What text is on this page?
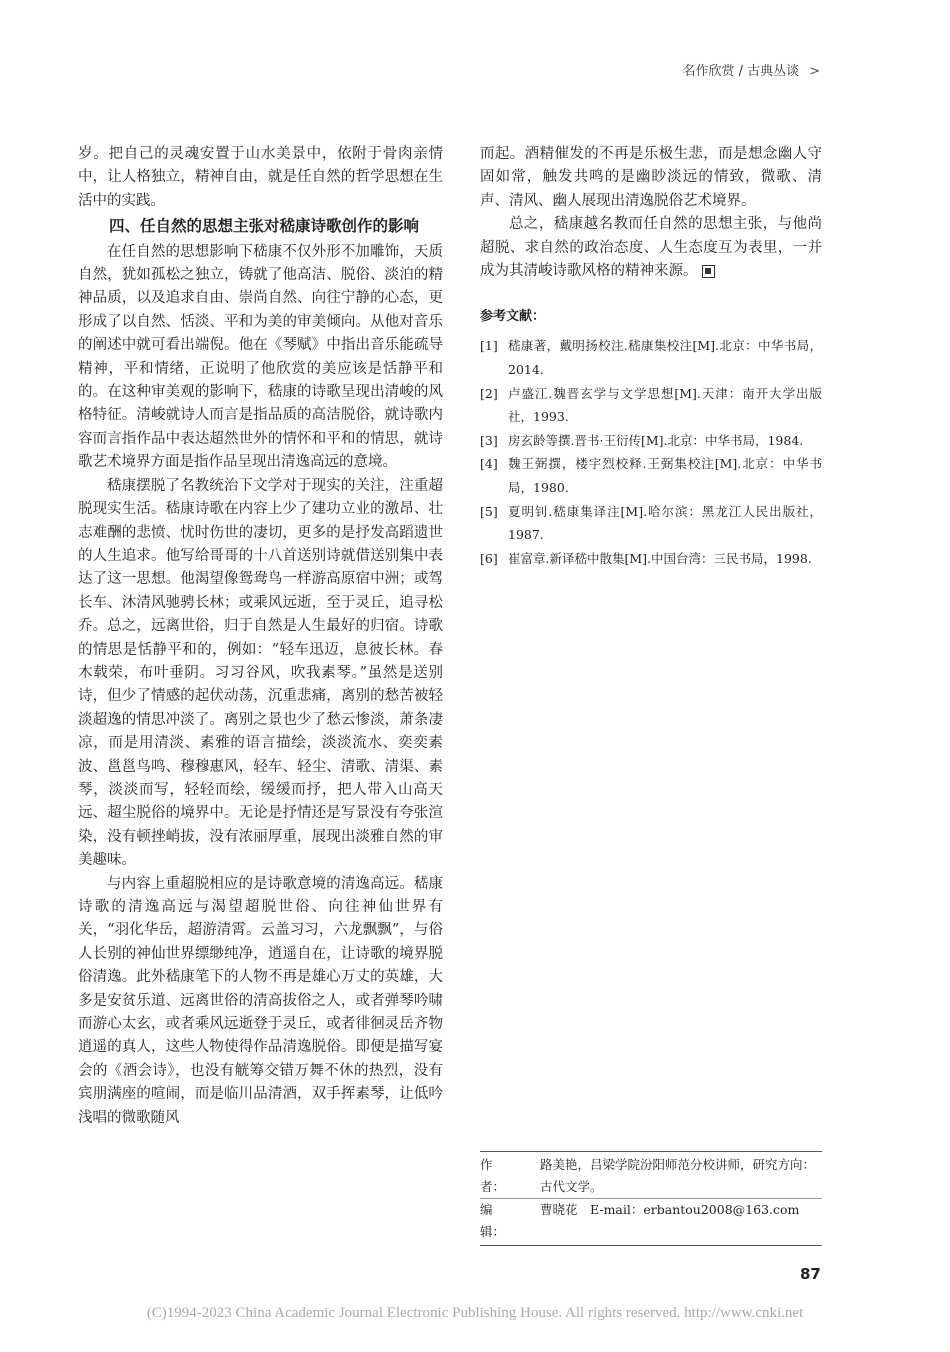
名作欣赏 / 古典丛谈 >

岁。把自己的灵魂安置于山水美景中，依附于骨肉亲情中，让人格独立，精神自由，就是任自然的哲学思想在生活中的实践。

四、任自然的思想主张对嵇康诗歌创作的影响

在任自然的思想影响下嵇康不仅外形不加雕饰，天质自然，犹如孤松之独立，铸就了他高洁、脱俗、淡泊的精神品质，以及追求自由、崇尚自然、向往宁静的心态，更形成了以自然、恬淡、平和为美的审美倾向。从他对音乐的阐述中就可看出端倪。他在《琴赋》中指出音乐能疏导精神，平和情绪，正说明了他欣赏的美应该是恬静平和的。在这种审美观的影响下，嵇康的诗歌呈现出清峻的风格特征。清峻就诗人而言是指品质的高洁脱俗，就诗歌内容而言指作品中表达超然世外的情怀和平和的情思，就诗歌艺术境界方面是指作品呈现出清逸高远的意境。

嵇康摆脱了名教统治下文学对于现实的关注，注重超脱现实生活。嵇康诗歌在内容上少了建功立业的激昂、壮志难酬的悲愤、忧时伤世的凄切，更多的是抒发高蹈遗世的人生追求。他写给哥哥的十八首送别诗就借送别集中表达了这一思想。他渴望像鸳鸯鸟一样游高原宿中洲；或驾长车、沐清风驰骋长林；或乘风远逝，至于灵丘，追寻松乔。总之，远离世俗，归于自然是人生最好的归宿。诗歌的情思是恬静平和的，例如：“轻车迅迈，息彼长林。春木载荣，布叶垂阴。习习谷风，吹我素琴。”虽然是送别诗，但少了情感的起伏动荡，沉重悲痛，离别的愁苦被轻淡超逸的情思冲淡了。离别之景也少了愁云惨淡，萧条凄凉，而是用清淡、素雅的语言描绘，淡淡流水、奕奕素波、邕邕鸟鸣、穆穆惠风，轻车、轻尘、清歌、清渠、素琴，淡淡而写，轻轻而绘，缓缓而抒，把人带入山高天远、超尘脱俗的境界中。无论是抒情还是写景没有夸张渲染，没有顿挫峭拔，没有浓丽厚重，展现出淡雅自然的审美趣味。

与内容上重超脱相应的是诗歌意境的清逸高远。嵇康诗歌的清逸高远与渴望超脱世俗、向往神仙世界有关，“羽化华岳，超游清霄。云盖习习，六龙飘飘”，与俗人长别的神仙世界缥缈纯净，逍遥自在，让诗歌的境界脱俗清逸。此外嵇康笔下的人物不再是雄心万丈的英雄，大多是安贫乐道、远离世俗的清高拔俗之人，或者弹琴吟啸而游心太玄，或者乘风远逝登于灵丘，或者徘徊灵岳齐物逍遥的真人，这些人物使得作品清逸脱俗。即便是描写宴会的《酒会诗》，也没有觥筹交错万舞不休的热烈，没有宾朋满座的喧闹，而是临川品清酒，双手挥素琴，让低吟浅唱的微歌随风

而起。酒精催发的不再是乐极生悲，而是想念幽人守固如常，触发共鸣的是幽眇淡远的情致，微歌、清声、清风、幽人展现出清逸脱俗艺术境界。

总之，嵇康越名教而任自然的思想主张，与他尚超脱、求自然的政治态度、人生态度互为表里，一并成为其清峻诗歌风格的精神来源。

参考文献：
[1] 嵇康著，戴明扬校注.嵇康集校注[M].北京：中华书局，2014.
[2] 卢盛江.魏晋玄学与文学思想[M].天津：南开大学出版社，1993.
[3] 房玄龄等撰.晋书·王衍传[M].北京：中华书局，1984.
[4] 魏王弼撰，楼宇烈校释.王弼集校注[M].北京：中华书局，1980.
[5] 夏明钊.嵇康集译注[M].哈尔滨：黑龙江人民出版社，1987.
[6] 崔富章.新译嵇中散集[M].中国台湾：三民书局，1998.
作　　者：
路美艳，吕梁学院汾阳师范分校讲师，研究方向：古代文学。
编　　辑：
曹晓花　E-mail：erbantou2008@163.com
87
(C)1994-2023 China Academic Journal Electronic Publishing House. All rights reserved. http://www.cnki.net
